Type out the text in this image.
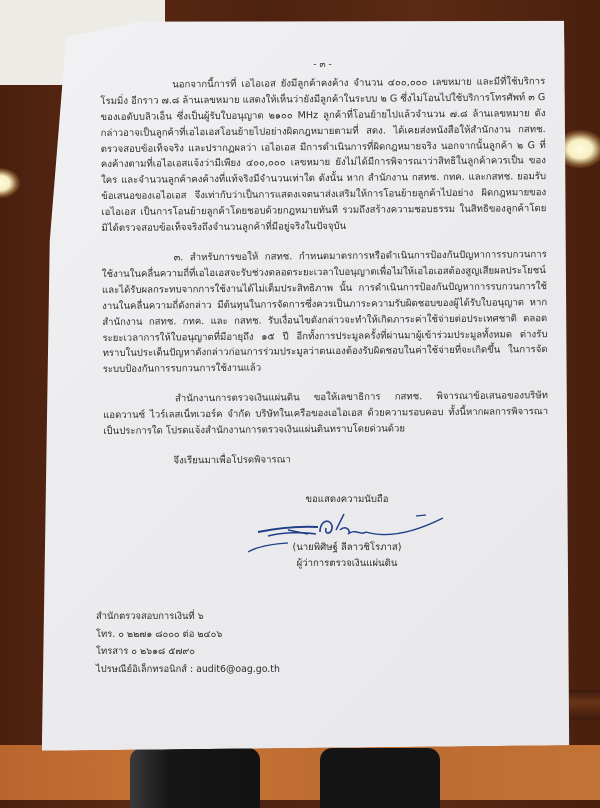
- ๓ -

นอกจากนี้การที่ เอไอเอส ยังมีลูกค้าคงค้าง จำนวน ๔๐๐,๐๐๐ เลขหมาย และมีที่ใช้บริการโรมมิ่ง อีกราว ๗.๘ ล้านเลขหมาย แสดงให้เห็นว่ายังมีลูกค้าในระบบ ๒ G ซึ่งไม่โอนไปใช้บริการโทรศัพท์ ๓ G ของเอดับบลิวเอ็น ซึ่งเป็นผู้รับใบอนุญาต ๒๑๐๐ MHz ลูกค้าที่โอนย้ายไปแล้วจำนวน ๗.๘ ล้านเลขหมาย ดังกล่าวอาจเป็นลูกค้าที่เอไอเอสโอนย้ายไปอย่างผิดกฎหมายตามที่ สตง. ได้เคยส่งหนังสือให้สำนักงาน กสทช. ตรวจสอบข้อเท็จจริง และปรากฏผลว่า เอไอเอส มีการดำเนินการที่ผิดกฎหมายจริง นอกจากนั้นลูกค้า ๒ G ที่คงค้างตามที่เอไอเอสแจ้งว่ามีเพียง ๔๐๐,๐๐๐ เลขหมาย ยังไม่ได้มีการพิจารณาว่าสิทธิในลูกค้าควรเป็น ของใคร และจำนวนลูกค้าคงค้างที่แท้จริงมีจำนวนเท่าใด ดังนั้น หาก สำนักงาน กสทช. กทค. และกสทช. ยอมรับข้อเสนอของเอไอเอส จึงเท่ากับว่าเป็นการแสดงเจตนาส่งเสริมให้การโอนย้ายลูกค้าไปอย่าง ผิดกฎหมายของ เอไอเอส เป็นการโอนย้ายลูกค้าโดยชอบด้วยกฎหมายทันที รวมถึงสร้างความชอบธรรม ในสิทธิของลูกค้าโดยมิได้ตรวจสอบข้อเท็จจริงถึงจำนวนลูกค้าที่มีอยู่จริงในปัจจุบัน

๓. สำหรับการขอให้ กสทช. กำหนดมาตรการหรือดำเนินการป้องกันปัญหาการรบกวนการ ใช้งานในคลื่นความถี่ที่เอไอเอสจะรับช่วงตลอดระยะเวลาใบอนุญาตเพื่อไม่ให้เอไอเอสต้องสูญเสียผลประโยชน์ และได้รับผลกระทบจากการใช้งานได้ไม่เต็มประสิทธิภาพ นั้น การดำเนินการป้องกันปัญหาการรบกวนการใช้ งานในคลื่นความถี่ดังกล่าว มีต้นทุนในการจัดการซึ่งควรเป็นภาระความรับผิดชอบของผู้ได้รับใบอนุญาต หาก สำนักงาน กสทช. กทค. และ กสทช. รับเงื่อนไขดังกล่าวจะทำให้เกิดภาระค่าใช้จ่ายต่อประเทศชาติ ตลอดระยะเวลาการให้ใบอนุญาตที่มีอายุถึง ๑๕ ปี อีกทั้งการประมูลครั้งที่ผ่านมาผู้เข้าร่วมประมูลทั้งหมด ต่างรับทราบในประเด็นปัญหาดังกล่าวก่อนการร่วมประมูลว่าตนเองต้องรับผิดชอบในค่าใช้จ่ายที่จะเกิดขึ้น ในการจัดระบบป้องกันการรบกวนการใช้งานแล้ว

สำนักงานการตรวจเงินแผ่นดิน ขอให้เลขาธิการ กสทช. พิจารณาข้อเสนอของบริษัท แอดวานซ์ ไวร์เลสเน็ทเวอร์ค จำกัด บริษัทในเครือของเอไอเอส ด้วยความรอบคอบ ทั้งนี้หากผลการพิจารณา เป็นประการใด โปรดแจ้งสำนักงานการตรวจเงินแผ่นดินทราบโดยด่วนด้วย

จึงเรียนมาเพื่อโปรดพิจารณา

ขอแสดงความนับถือ
(นายพิศิษฐ์ ลีลาวชิโรภาส)
ผู้ว่าการตรวจเงินแผ่นดิน
สำนักตรวจสอบการเงินที่ ๖
โทร. ๐ ๒๒๗๑ ๘๐๐๐ ต่อ ๒๔๐๖
โทรสาร ๐ ๒๖๑๘ ๕๗๙๐
ไปรษณีย์อิเล็กทรอนิกส์ : audit6@oag.go.th
